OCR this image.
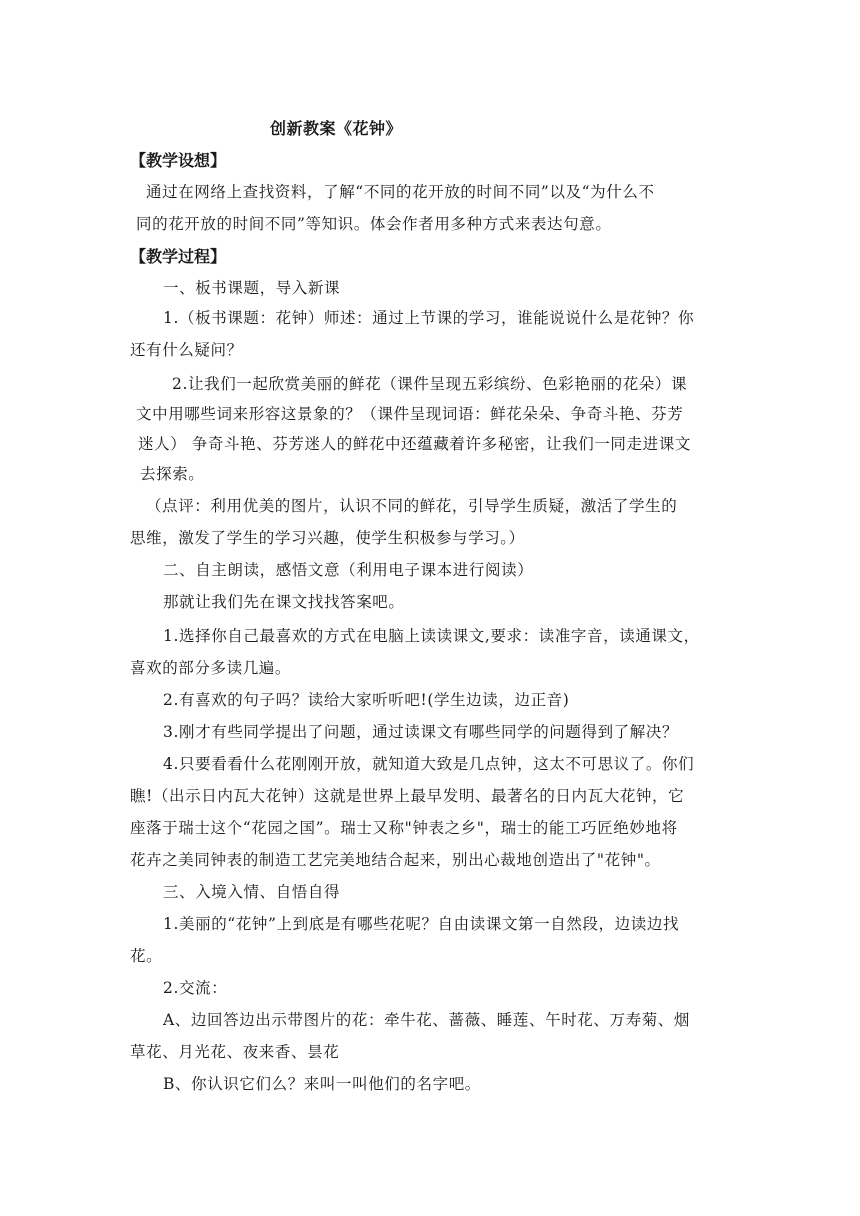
创新教案《花钟》
【教学设想】
通过在网络上查找资料，了解“不同的花开放的时间不同”以及“为什么不
同的花开放的时间不同”等知识。体会作者用多种方式来表达句意。
【教学过程】
一、板书课题，导入新课
1.（板书课题：花钟）师述：通过上节课的学习，谁能说说什么是花钟？你
还有什么疑问？
2.让我们一起欣赏美丽的鲜花（课件呈现五彩缤纷、色彩艳丽的花朵）课
文中用哪些词来形容这景象的？（课件呈现词语：鲜花朵朵、争奇斗艳、芬芳
迷人） 争奇斗艳、芬芳迷人的鲜花中还蕴藏着许多秘密，让我们一同走进课文
去探索。
（点评：利用优美的图片，认识不同的鲜花，引导学生质疑，激活了学生的
思维，激发了学生的学习兴趣，使学生积极参与学习。）
二、自主朗读，感悟文意（利用电子课本进行阅读）
那就让我们先在课文找找答案吧。
1.选择你自己最喜欢的方式在电脑上读读课文,要求：读准字音，读通课文，
喜欢的部分多读几遍。
2.有喜欢的句子吗？读给大家听听吧!(学生边读，边正音)
3.刚才有些同学提出了问题，通过读课文有哪些同学的问题得到了解决？
4.只要看看什么花刚刚开放，就知道大致是几点钟，这太不可思议了。你们
瞧!（出示日内瓦大花钟）这就是世界上最早发明、最著名的日内瓦大花钟，它
座落于瑞士这个“花园之国”。瑞士又称"钟表之乡"，瑞士的能工巧匠绝妙地将
花卉之美同钟表的制造工艺完美地结合起来，别出心裁地创造出了"花钟"。
三、入境入情、自悟自得
1.美丽的“花钟”上到底是有哪些花呢？自由读课文第一自然段，边读边找
花。
2.交流：
A、边回答边出示带图片的花：牵牛花、蔷薇、睡莲、午时花、万寿菊、烟
草花、月光花、夜来香、昙花
B、你认识它们么？来叫一叫他们的名字吧。
